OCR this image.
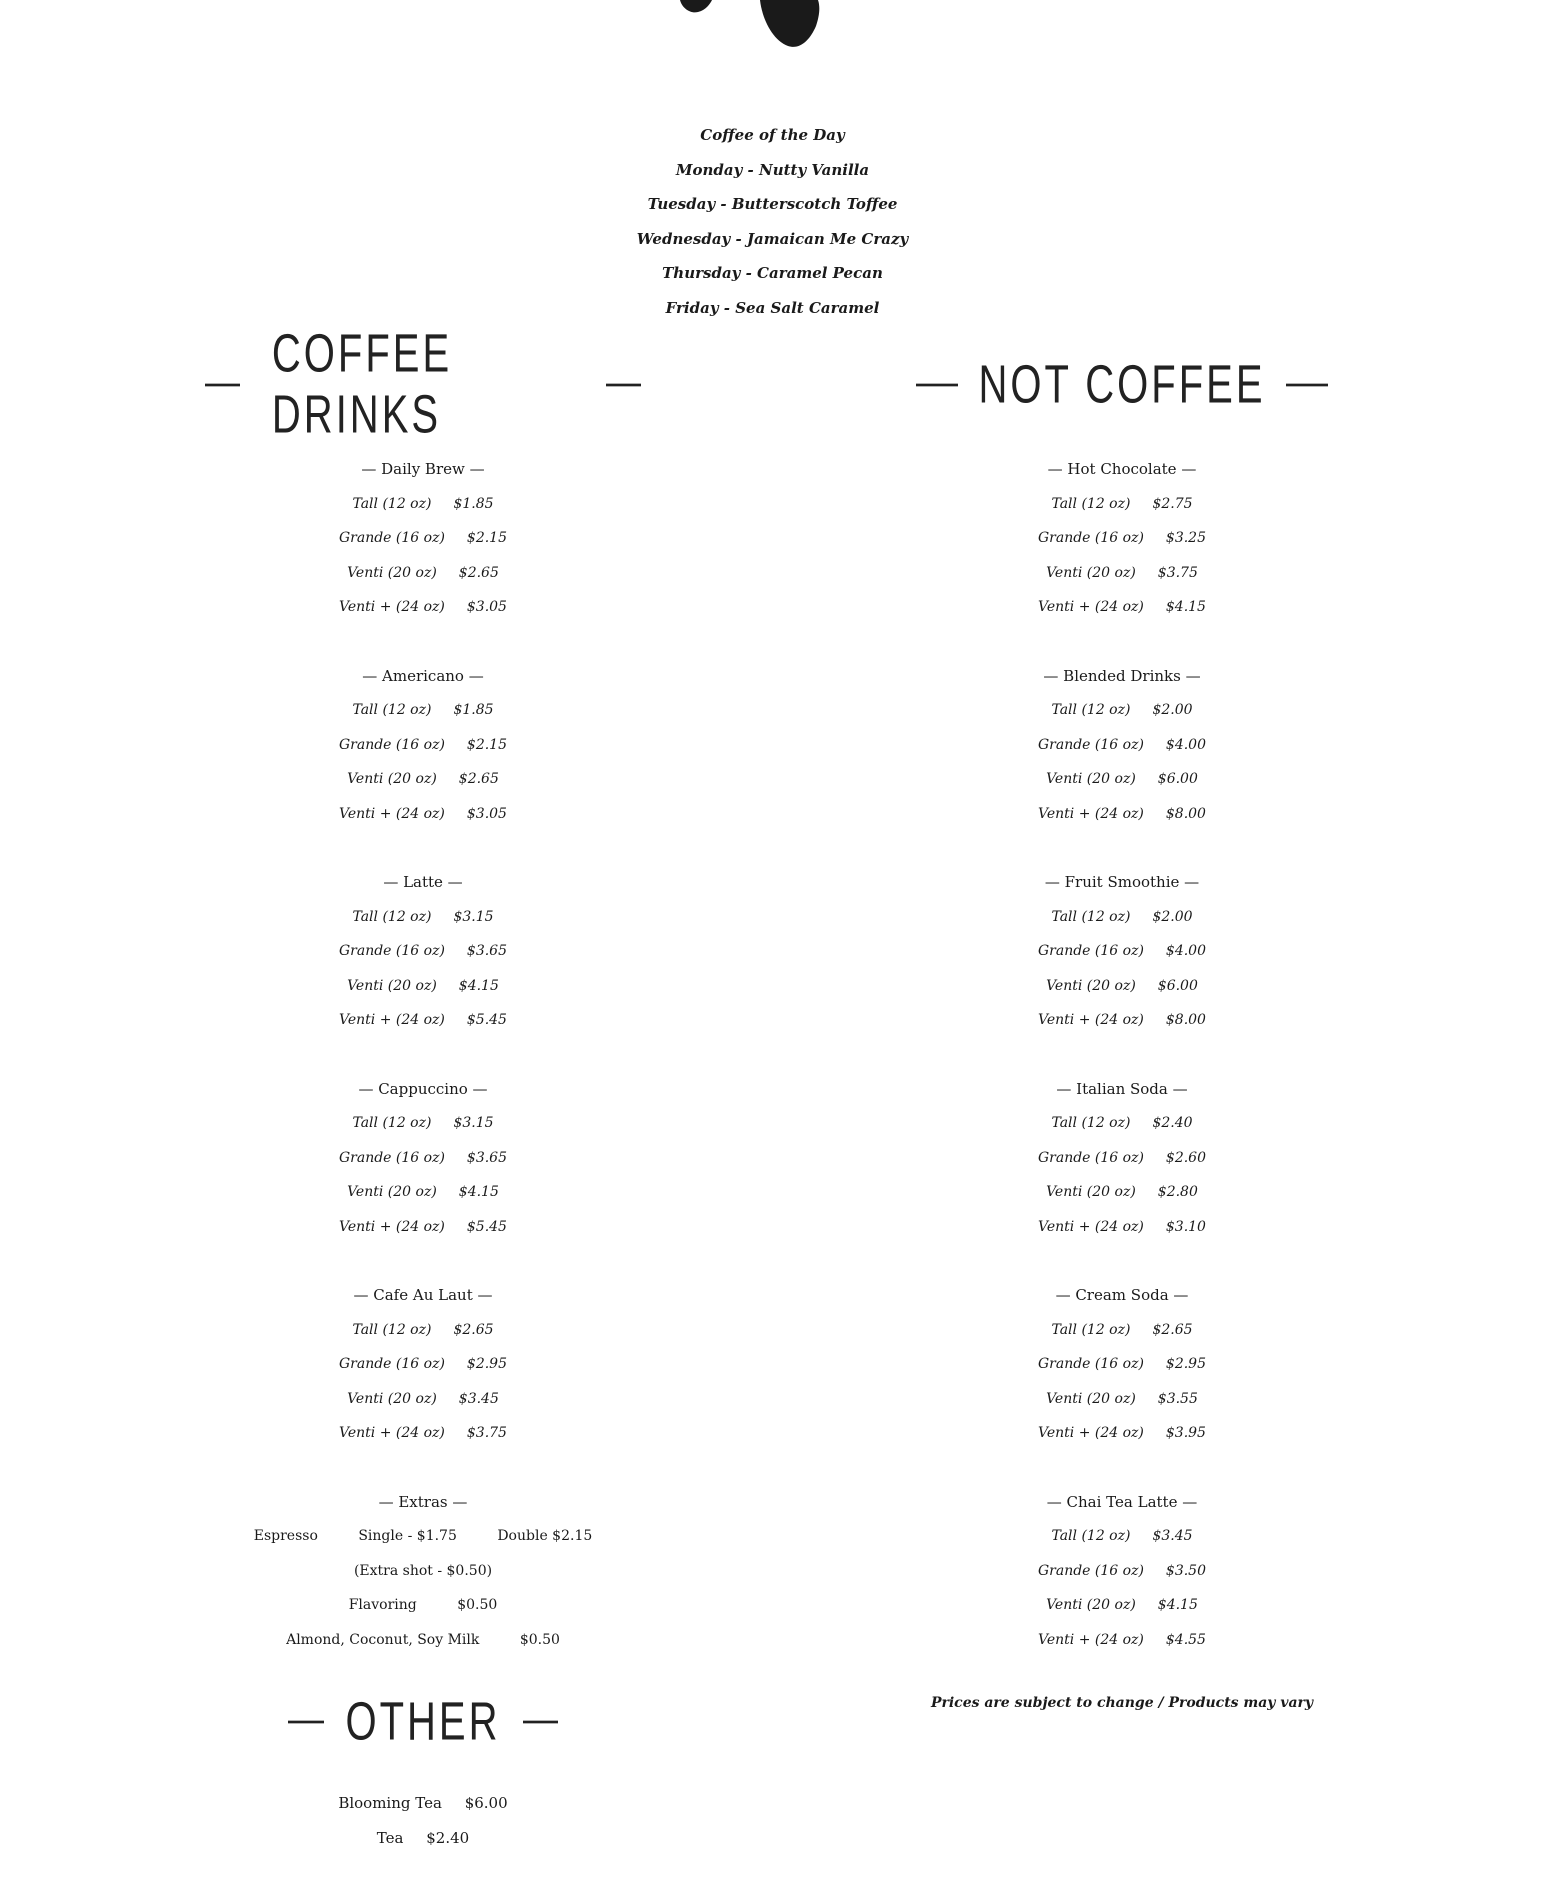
Coffee of the Day
Monday - Nutty Vanilla
Tuesday - Butterscotch Toffee
Wednesday - Jamaican Me Crazy
Thursday - Caramel Pecan
Friday - Sea Salt Caramel
COFFEE DRINKS
NOT COFFEE
— Daily Brew —
Tall (12 oz) $1.85
Grande (16 oz) $2.15
Venti (20 oz) $2.65
Venti + (24 oz) $3.05
— Americano —
Tall (12 oz) $1.85
Grande (16 oz) $2.15
Venti (20 oz) $2.65
Venti + (24 oz) $3.05
— Latte —
Tall (12 oz) $3.15
Grande (16 oz) $3.65
Venti (20 oz) $4.15
Venti + (24 oz) $5.45
— Cappuccino —
Tall (12 oz) $3.15
Grande (16 oz) $3.65
Venti (20 oz) $4.15
Venti + (24 oz) $5.45
— Cafe Au Laut —
Tall (12 oz) $2.65
Grande (16 oz) $2.95
Venti (20 oz) $3.45
Venti + (24 oz) $3.75
— Extras —
Espresso	Single - $1.75	Double $2.15
(Extra shot - $0.50)
Flavoring	$0.50
Almond, Coconut, Soy Milk	$0.50
— Hot Chocolate —
Tall (12 oz) $2.75
Grande (16 oz) $3.25
Venti (20 oz) $3.75
Venti + (24 oz) $4.15
— Blended Drinks —
Tall (12 oz) $2.00
Grande (16 oz) $4.00
Venti (20 oz) $6.00
Venti + (24 oz) $8.00
— Fruit Smoothie —
Tall (12 oz) $2.00
Grande (16 oz) $4.00
Venti (20 oz) $6.00
Venti + (24 oz) $8.00
— Italian Soda —
Tall (12 oz) $2.40
Grande (16 oz) $2.60
Venti (20 oz) $2.80
Venti + (24 oz) $3.10
— Cream Soda —
Tall (12 oz) $2.65
Grande (16 oz) $2.95
Venti (20 oz) $3.55
Venti + (24 oz) $3.95
— Chai Tea Latte —
Tall (12 oz) $3.45
Grande (16 oz) $3.50
Venti (20 oz) $4.15
Venti + (24 oz) $4.55
Prices are subject to change / Products may vary
OTHER
Blooming Tea $6.00
Tea $2.40
